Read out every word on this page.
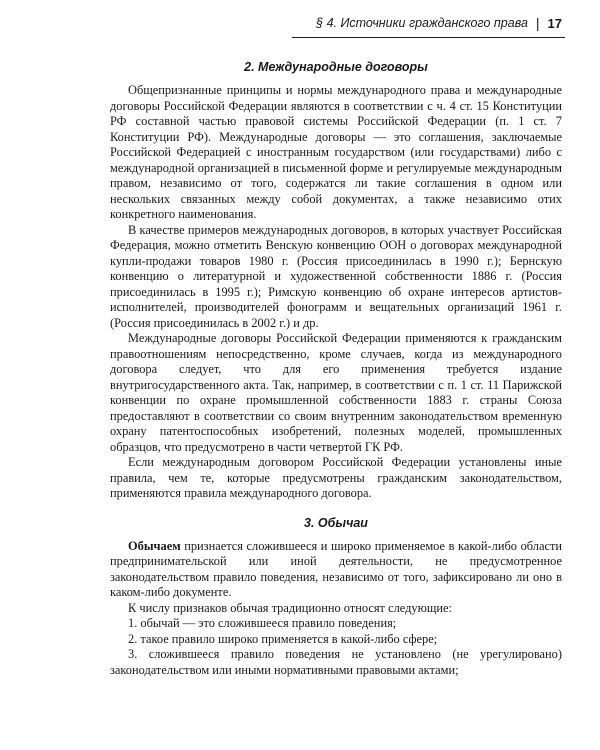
§ 4. Источники гражданского права | 17
2. Международные договоры

Общепризнанные принципы и нормы международного права и международные договоры Российской Федерации являются в соответствии с ч. 4 ст. 15 Конституции РФ составной частью правовой системы Российской Федерации (п. 1 ст. 7 Конституции РФ). Международные договоры — это соглашения, заключаемые Российской Федерацией с иностранным государством (или государствами) либо с международной организацией в письменной форме и регулируемые международным правом, независимо от того, содержатся ли такие соглашения в одном или нескольких связанных между собой документах, а также независимо отих конкретного наименования.

В качестве примеров международных договоров, в которых участвует Российская Федерация, можно отметить Венскую конвенцию ООН о договорах международной купли-продажи товаров 1980 г. (Россия присоединилась в 1990 г.); Бернскую конвенцию о литературной и художественной собственности 1886 г. (Россия присоединилась в 1995 г.); Римскую конвенцию об охране интересов артистов-исполнителей, производителей фонограмм и вещательных организаций 1961 г. (Россия присоединилась в 2002 г.) и др.

Международные договоры Российской Федерации применяются к гражданским правоотношениям непосредственно, кроме случаев, когда из международного договора следует, что для его применения требуется издание внутригосударственного акта. Так, например, в соответствии с п. 1 ст. 11 Парижской конвенции по охране промышленной собственности 1883 г. страны Союза предоставляют в соответствии со своим внутренним законодательством временную охрану патентоспособных изобретений, полезных моделей, промышленных образцов, что предусмотрено в части четвертой ГК РФ.

Если международным договором Российской Федерации установлены иные правила, чем те, которые предусмотрены гражданским законодательством, применяются правила международного договора.

3. Обычаи

Обычаем признается сложившееся и широко применяемое в какой-либо области предпринимательской или иной деятельности, не предусмотренное законодательством правило поведения, независимо от того, зафиксировано ли оно в каком-либо документе.

К числу признаков обычая традиционно относят следующие:

1. обычай — это сложившееся правило поведения;

2. такое правило широко применяется в какой-либо сфере;

3. сложившееся правило поведения не установлено (не урегулировано) законодательством или иными нормативными правовыми актами;
